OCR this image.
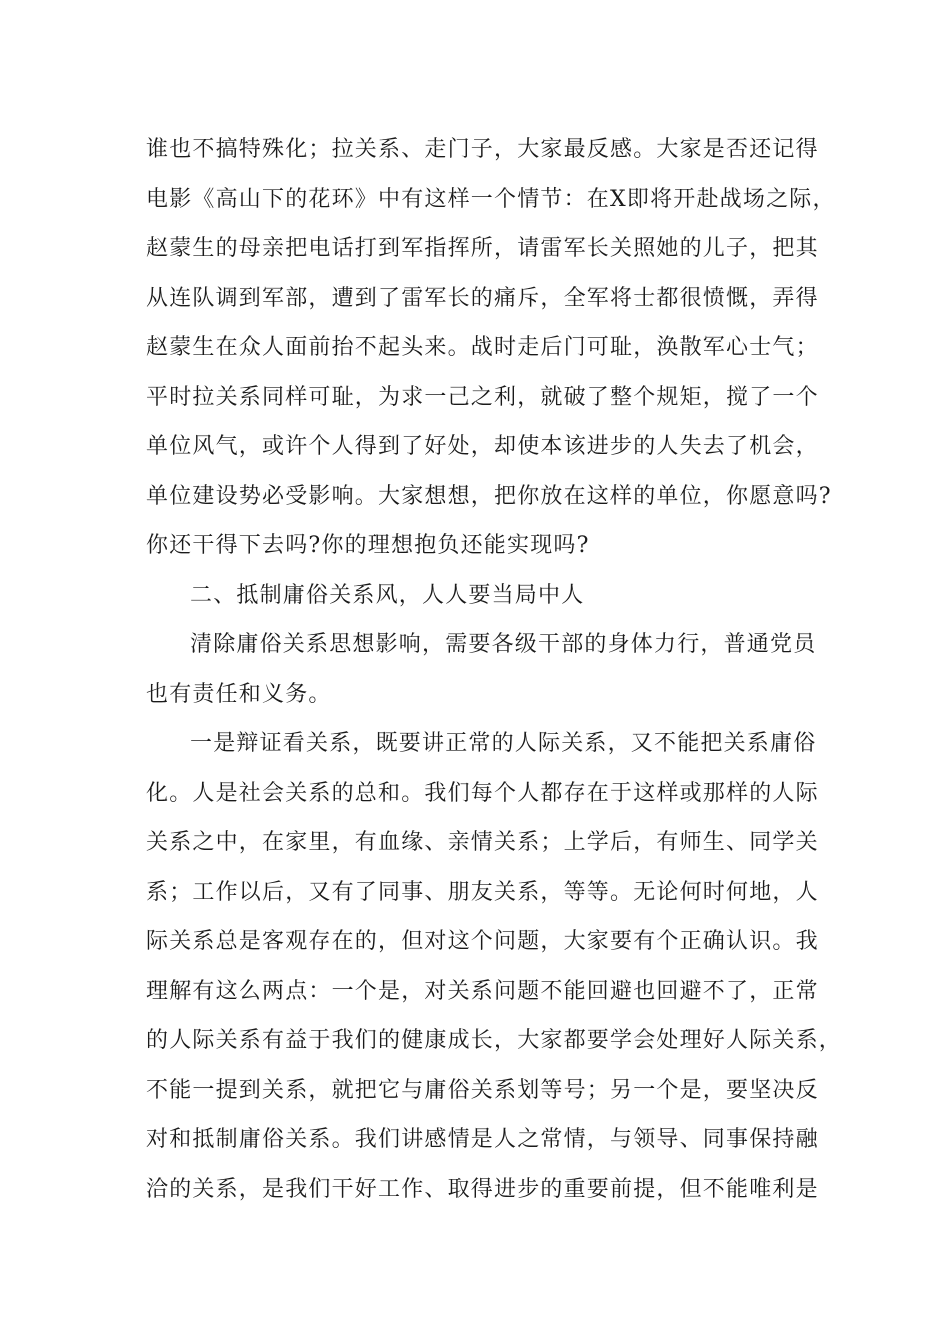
谁也不搞特殊化；拉关系、走门子，大家最反感。大家是否还记得
电影《高山下的花环》中有这样一个情节：在X即将开赴战场之际，
赵蒙生的母亲把电话打到军指挥所，请雷军长关照她的儿子，把其
从连队调到军部，遭到了雷军长的痛斥，全军将士都很愤慨，弄得
赵蒙生在众人面前抬不起头来。战时走后门可耻，涣散军心士气；
平时拉关系同样可耻，为求一己之利，就破了整个规矩，搅了一个
单位风气，或许个人得到了好处，却使本该进步的人失去了机会，
单位建设势必受影响。大家想想，把你放在这样的单位，你愿意吗?
你还干得下去吗?你的理想抱负还能实现吗?
二、抵制庸俗关系风，人人要当局中人
清除庸俗关系思想影响，需要各级干部的身体力行，普通党员
也有责任和义务。
一是辩证看关系，既要讲正常的人际关系，又不能把关系庸俗
化。人是社会关系的总和。我们每个人都存在于这样或那样的人际
关系之中，在家里，有血缘、亲情关系；上学后，有师生、同学关
系；工作以后，又有了同事、朋友关系，等等。无论何时何地，人
际关系总是客观存在的，但对这个问题，大家要有个正确认识。我
理解有这么两点：一个是，对关系问题不能回避也回避不了，正常
的人际关系有益于我们的健康成长，大家都要学会处理好人际关系，
不能一提到关系，就把它与庸俗关系划等号；另一个是，要坚决反
对和抵制庸俗关系。我们讲感情是人之常情，与领导、同事保持融
洽的关系，是我们干好工作、取得进步的重要前提，但不能唯利是
